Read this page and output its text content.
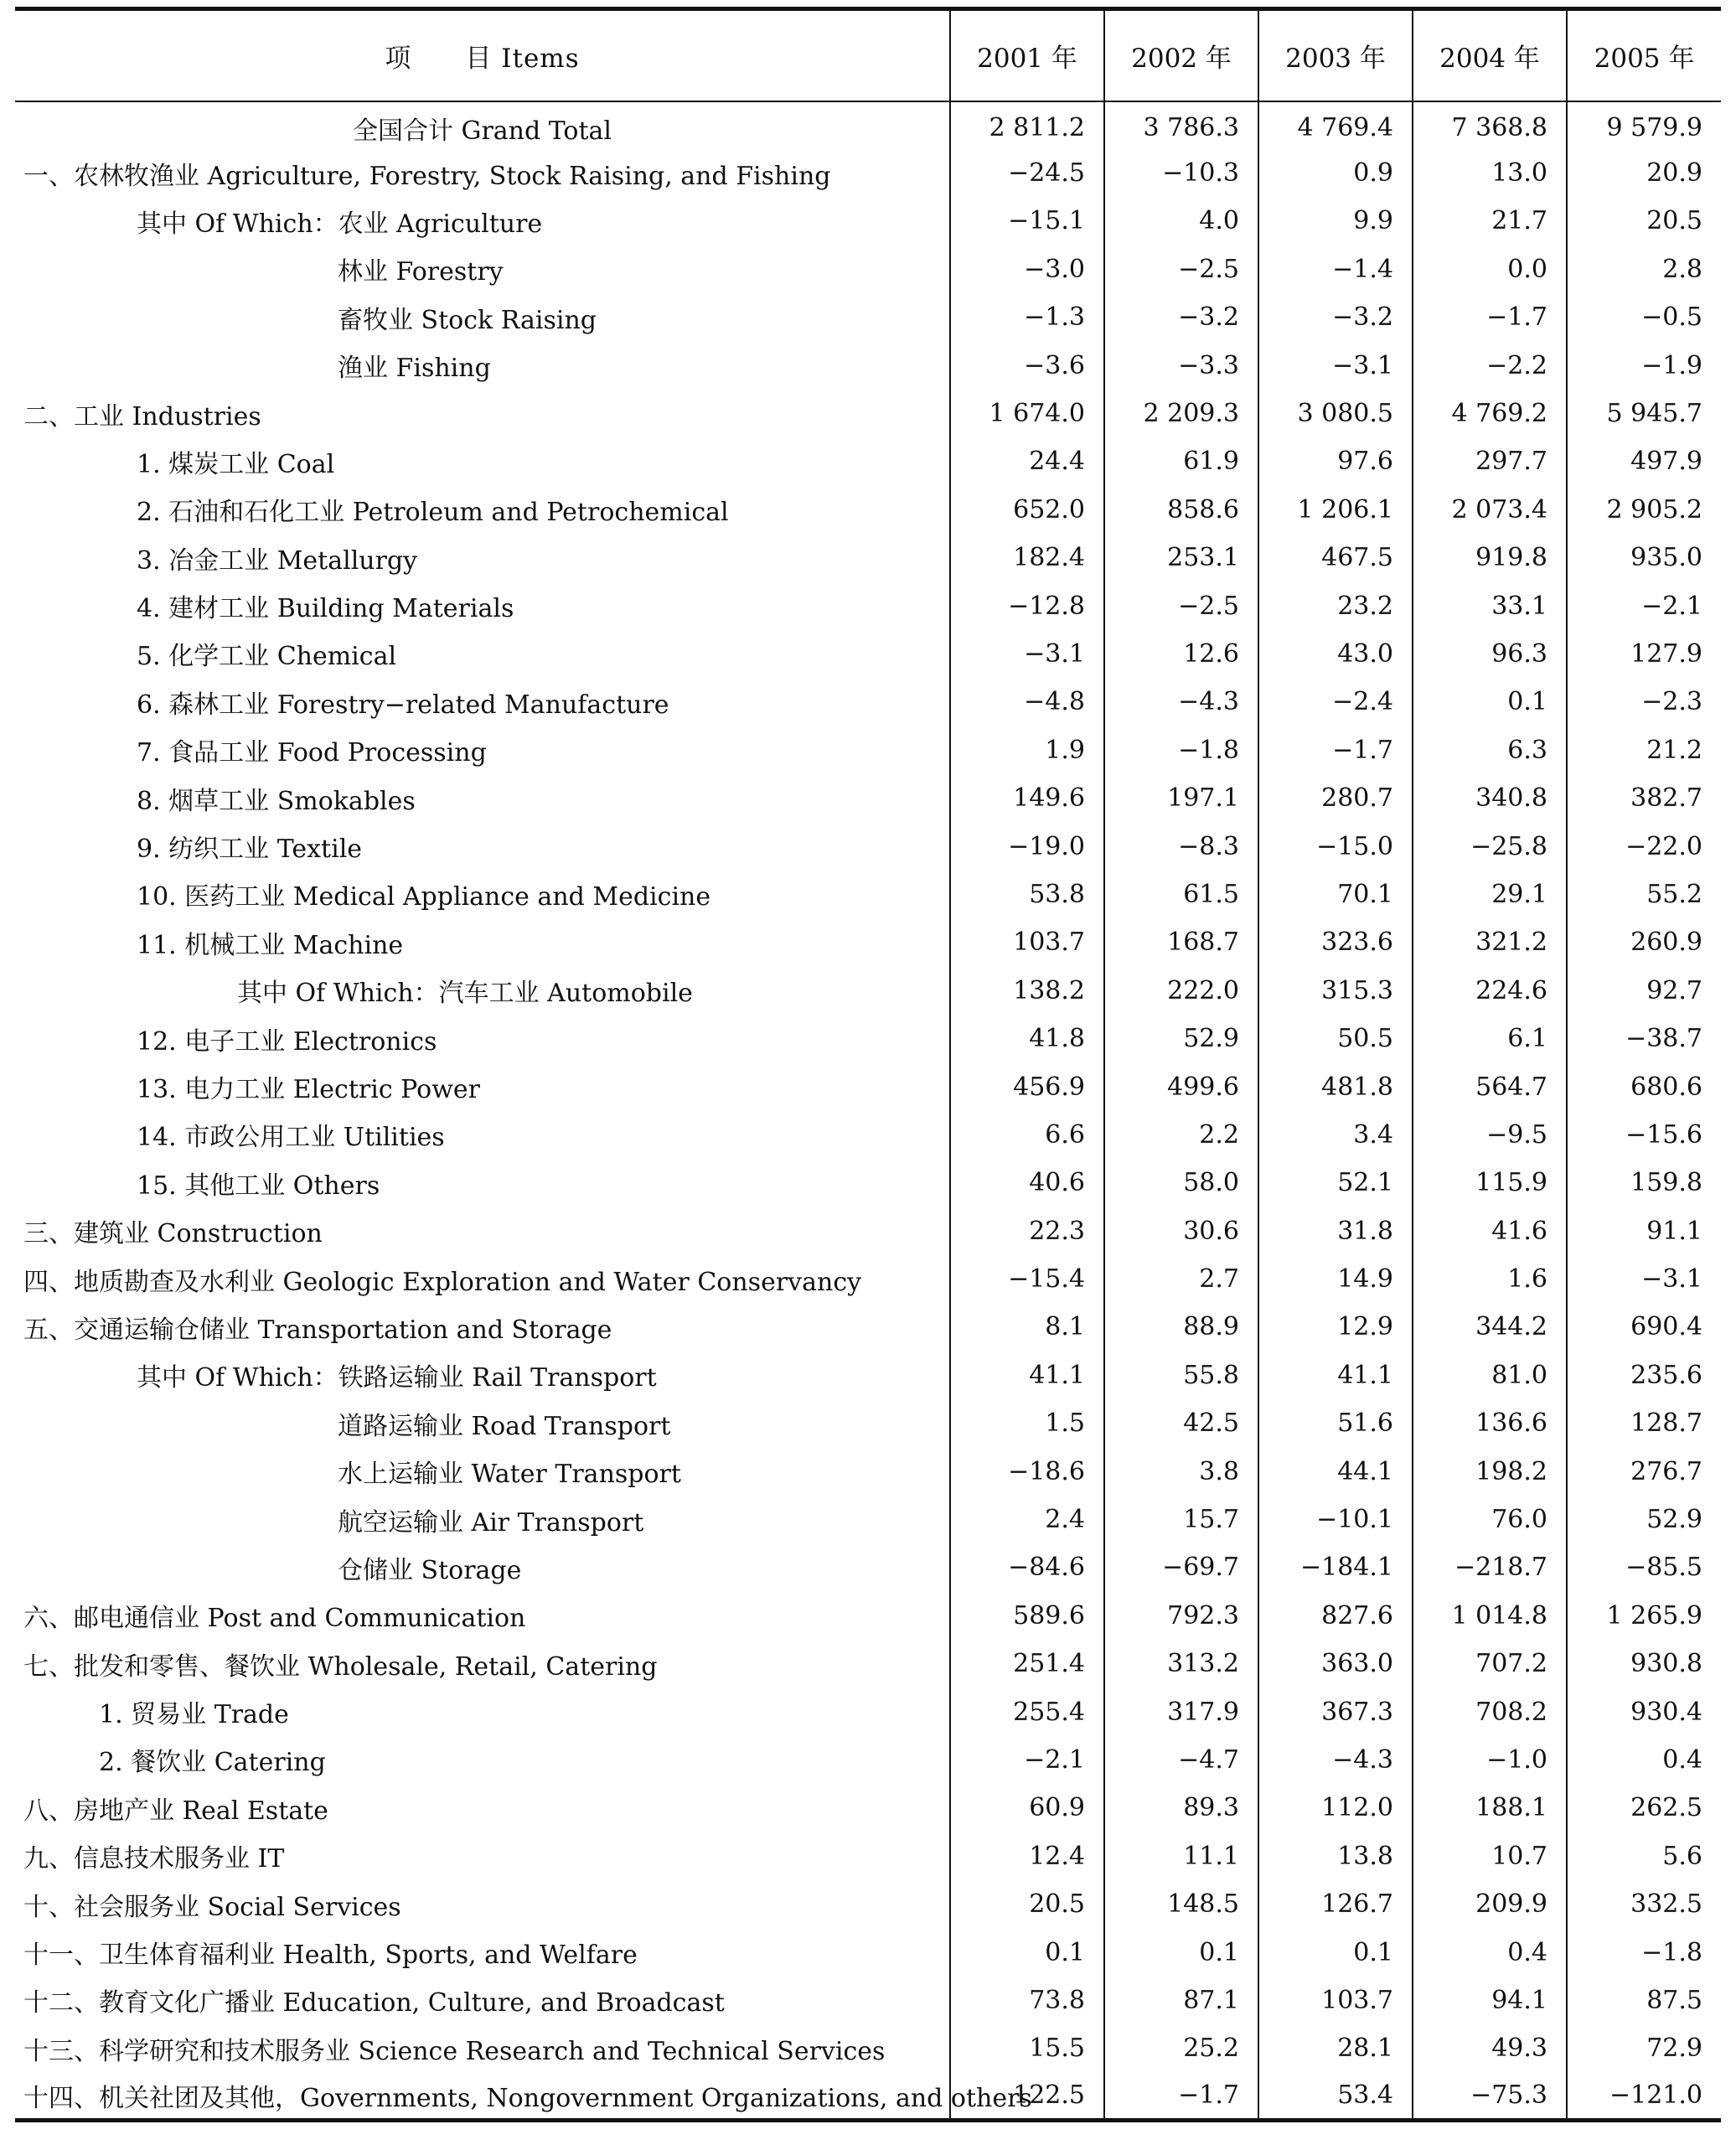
项　　目 Items	2001 年	2002 年	2003 年	2004 年	2005 年
全国合计 Grand Total	2 811.2	3 786.3	4 769.4	7 368.8	9 579.9
一、农林牧渔业 Agriculture, Forestry, Stock Raising, and Fishing	−24.5	−10.3	0.9	13.0	20.9
其中 Of Which：农业 Agriculture	−15.1	4.0	9.9	21.7	20.5
林业 Forestry	−3.0	−2.5	−1.4	0.0	2.8
畜牧业 Stock Raising	−1.3	−3.2	−3.2	−1.7	−0.5
渔业 Fishing	−3.6	−3.3	−3.1	−2.2	−1.9
二、工业 Industries	1 674.0	2 209.3	3 080.5	4 769.2	5 945.7
1. 煤炭工业 Coal	24.4	61.9	97.6	297.7	497.9
2. 石油和石化工业 Petroleum and Petrochemical	652.0	858.6	1 206.1	2 073.4	2 905.2
3. 冶金工业 Metallurgy	182.4	253.1	467.5	919.8	935.0
4. 建材工业 Building Materials	−12.8	−2.5	23.2	33.1	−2.1
5. 化学工业 Chemical	−3.1	12.6	43.0	96.3	127.9
6. 森林工业 Forestry−related Manufacture	−4.8	−4.3	−2.4	0.1	−2.3
7. 食品工业 Food Processing	1.9	−1.8	−1.7	6.3	21.2
8. 烟草工业 Smokables	149.6	197.1	280.7	340.8	382.7
9. 纺织工业 Textile	−19.0	−8.3	−15.0	−25.8	−22.0
10. 医药工业 Medical Appliance and Medicine	53.8	61.5	70.1	29.1	55.2
11. 机械工业 Machine	103.7	168.7	323.6	321.2	260.9
其中 Of Which：汽车工业 Automobile	138.2	222.0	315.3	224.6	92.7
12. 电子工业 Electronics	41.8	52.9	50.5	6.1	−38.7
13. 电力工业 Electric Power	456.9	499.6	481.8	564.7	680.6
14. 市政公用工业 Utilities	6.6	2.2	3.4	−9.5	−15.6
15. 其他工业 Others	40.6	58.0	52.1	115.9	159.8
三、建筑业 Construction	22.3	30.6	31.8	41.6	91.1
四、地质勘查及水利业 Geologic Exploration and Water Conservancy	−15.4	2.7	14.9	1.6	−3.1
五、交通运输仓储业 Transportation and Storage	8.1	88.9	12.9	344.2	690.4
其中 Of Which：铁路运输业 Rail Transport	41.1	55.8	41.1	81.0	235.6
道路运输业 Road Transport	1.5	42.5	51.6	136.6	128.7
水上运输业 Water Transport	−18.6	3.8	44.1	198.2	276.7
航空运输业 Air Transport	2.4	15.7	−10.1	76.0	52.9
仓储业 Storage	−84.6	−69.7	−184.1	−218.7	−85.5
六、邮电通信业 Post and Communication	589.6	792.3	827.6	1 014.8	1 265.9
七、批发和零售、餐饮业 Wholesale, Retail, Catering	251.4	313.2	363.0	707.2	930.8
1. 贸易业 Trade	255.4	317.9	367.3	708.2	930.4
2. 餐饮业 Catering	−2.1	−4.7	−4.3	−1.0	0.4
八、房地产业 Real Estate	60.9	89.3	112.0	188.1	262.5
九、信息技术服务业 IT	12.4	11.1	13.8	10.7	5.6
十、社会服务业 Social Services	20.5	148.5	126.7	209.9	332.5
十一、卫生体育福利业 Health, Sports, and Welfare	0.1	0.1	0.1	0.4	−1.8
十二、教育文化广播业 Education, Culture, and Broadcast	73.8	87.1	103.7	94.1	87.5
十三、科学研究和技术服务业 Science Research and Technical Services	15.5	25.2	28.1	49.3	72.9
十四、机关社团及其他，Governments, Nongovernment Organizations, and others	122.5	−1.7	53.4	−75.3	−121.0
